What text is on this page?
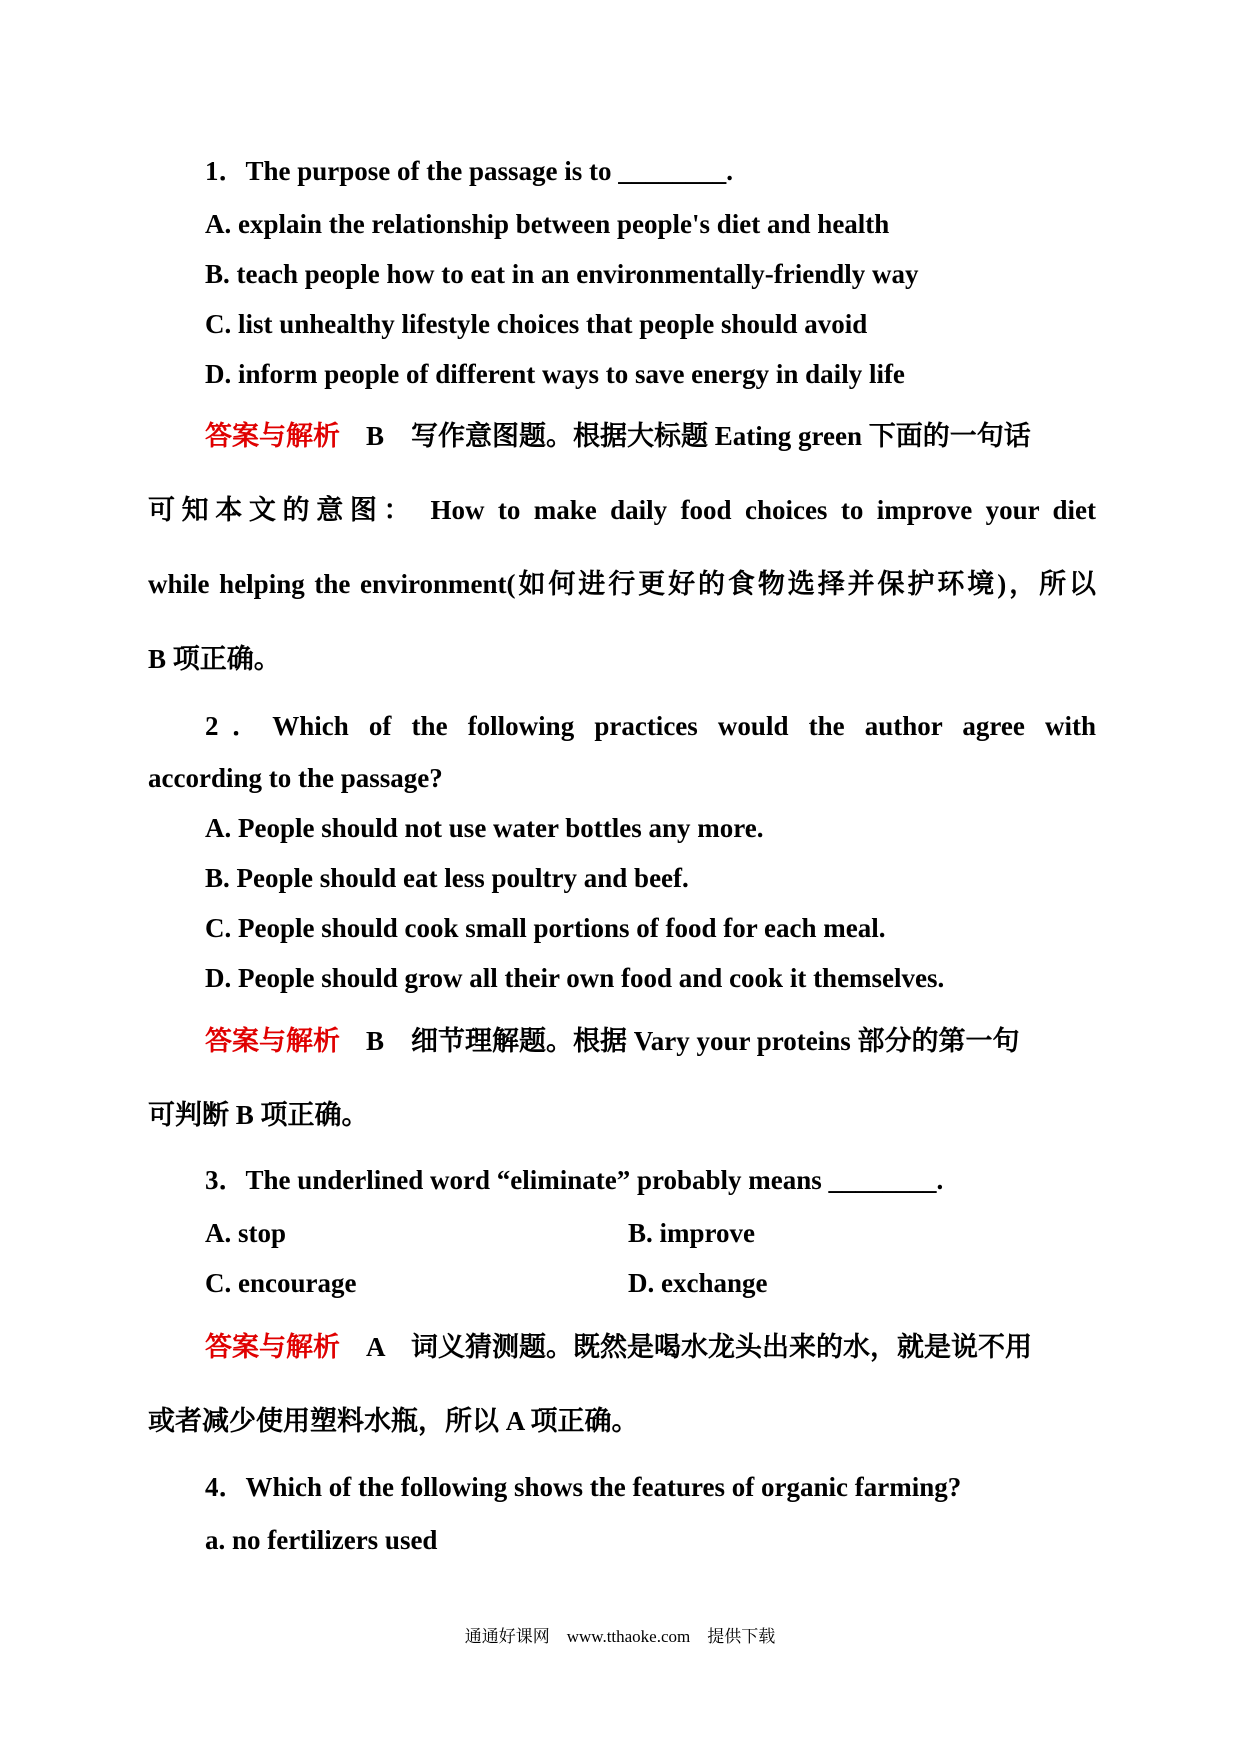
1．The purpose of the passage is to ________.
A. explain the relationship between people's diet and health
B. teach people how to eat in an environmentally-friendly way
C. list unhealthy lifestyle choices that people should avoid
D. inform people of different ways to save energy in daily life
答案与解析 B　写作意图题。根据大标题 Eating green 下面的一句话
可知本文的意图： How to make daily food choices to improve your diet
while helping the environment(如何进行更好的食物选择并保护环境)，所以
B 项正确。
2．Which of the following practices would the author agree with
according to the passage?
A. People should not use water bottles any more.
B. People should eat less poultry and beef.
C. People should cook small portions of food for each meal.
D. People should grow all their own food and cook it themselves.
答案与解析 B　细节理解题。根据 Vary your proteins 部分的第一句
可判断 B 项正确。
3．The underlined word “eliminate” probably means ________.
A. stop	B. improve
C. encourage	D. exchange
答案与解析 A　词义猜测题。既然是喝水龙头出来的水，就是说不用
或者减少使用塑料水瓶，所以 A 项正确。
4．Which of the following shows the features of organic farming?
a. no fertilizers used
通通好课网　www.tthaoke.com　提供下载
